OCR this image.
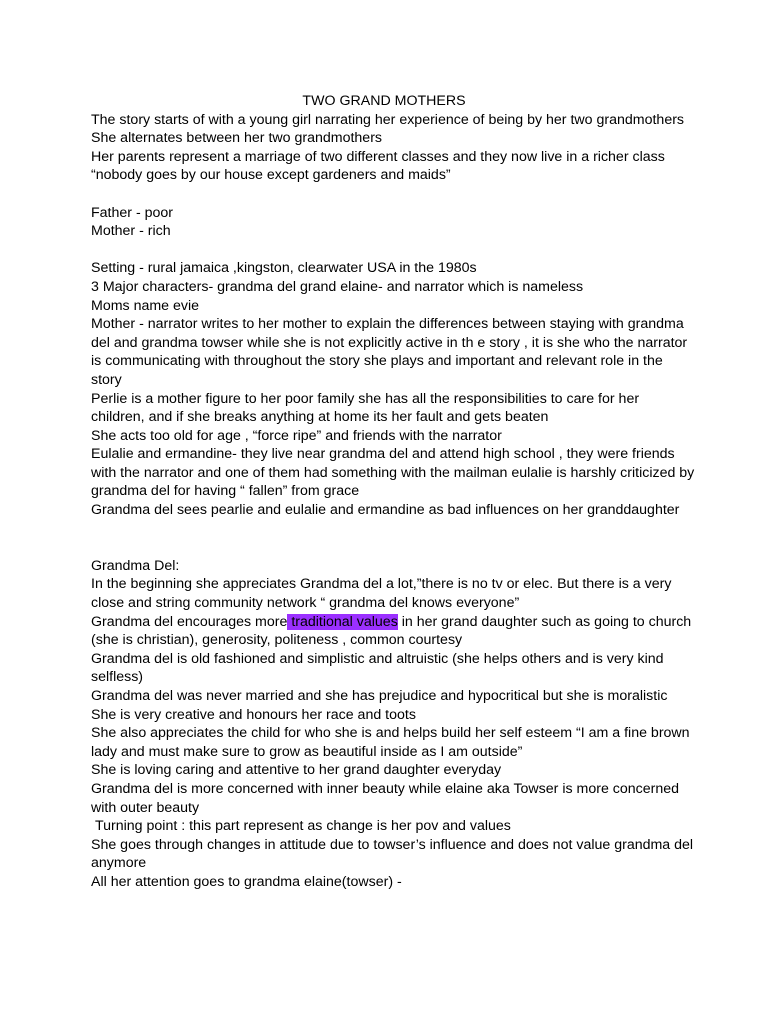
TWO GRAND MOTHERS
The story starts of with a young girl narrating her experience of being by her two grandmothers
She alternates between her two grandmothers
Her parents represent a marriage of two different classes and they now live in a richer class
“nobody goes by our house except gardeners and maids”
Father - poor
Mother - rich
Setting - rural jamaica ,kingston, clearwater USA in the 1980s
3 Major characters- grandma del grand elaine- and narrator which is nameless
Moms name evie
Mother - narrator writes to her mother to explain the differences between staying with grandma
del and grandma towser while she is not explicitly active in th e story , it is she who the narrator
is communicating with throughout the story she plays and important and relevant role in the
story
Perlie is a mother figure to her poor family she has all the responsibilities to care for her
children, and if she breaks anything at home its her fault and gets beaten
She acts too old for age , “force ripe” and friends with the narrator
Eulalie and ermandine- they live near grandma del and attend high school , they were friends
with the narrator and one of them had something with the mailman eulalie is harshly criticized by
grandma del for having “ fallen” from grace
Grandma del sees pearlie and eulalie and ermandine as bad influences on her granddaughter
Grandma Del:
In the beginning she appreciates Grandma del a lot,”there is no tv or elec. But there is a very
close and string community network “ grandma del knows everyone”
Grandma del encourages more traditional values in her grand daughter such as going to church
(she is christian), generosity, politeness , common courtesy
Grandma del is old fashioned and simplistic and altruistic (she helps others and is very kind
selfless)
Grandma del was never married and she has prejudice and hypocritical but she is moralistic
She is very creative and honours her race and toots
She also appreciates the child for who she is and helps build her self esteem “I am a fine brown
lady and must make sure to grow as beautiful inside as I am outside”
She is loving caring and attentive to her grand daughter everyday
Grandma del is more concerned with inner beauty while elaine aka Towser is more concerned
with outer beauty
Turning point : this part represent as change is her pov and values
She goes through changes in attitude due to towser’s influence and does not value grandma del
anymore
All her attention goes to grandma elaine(towser) -
